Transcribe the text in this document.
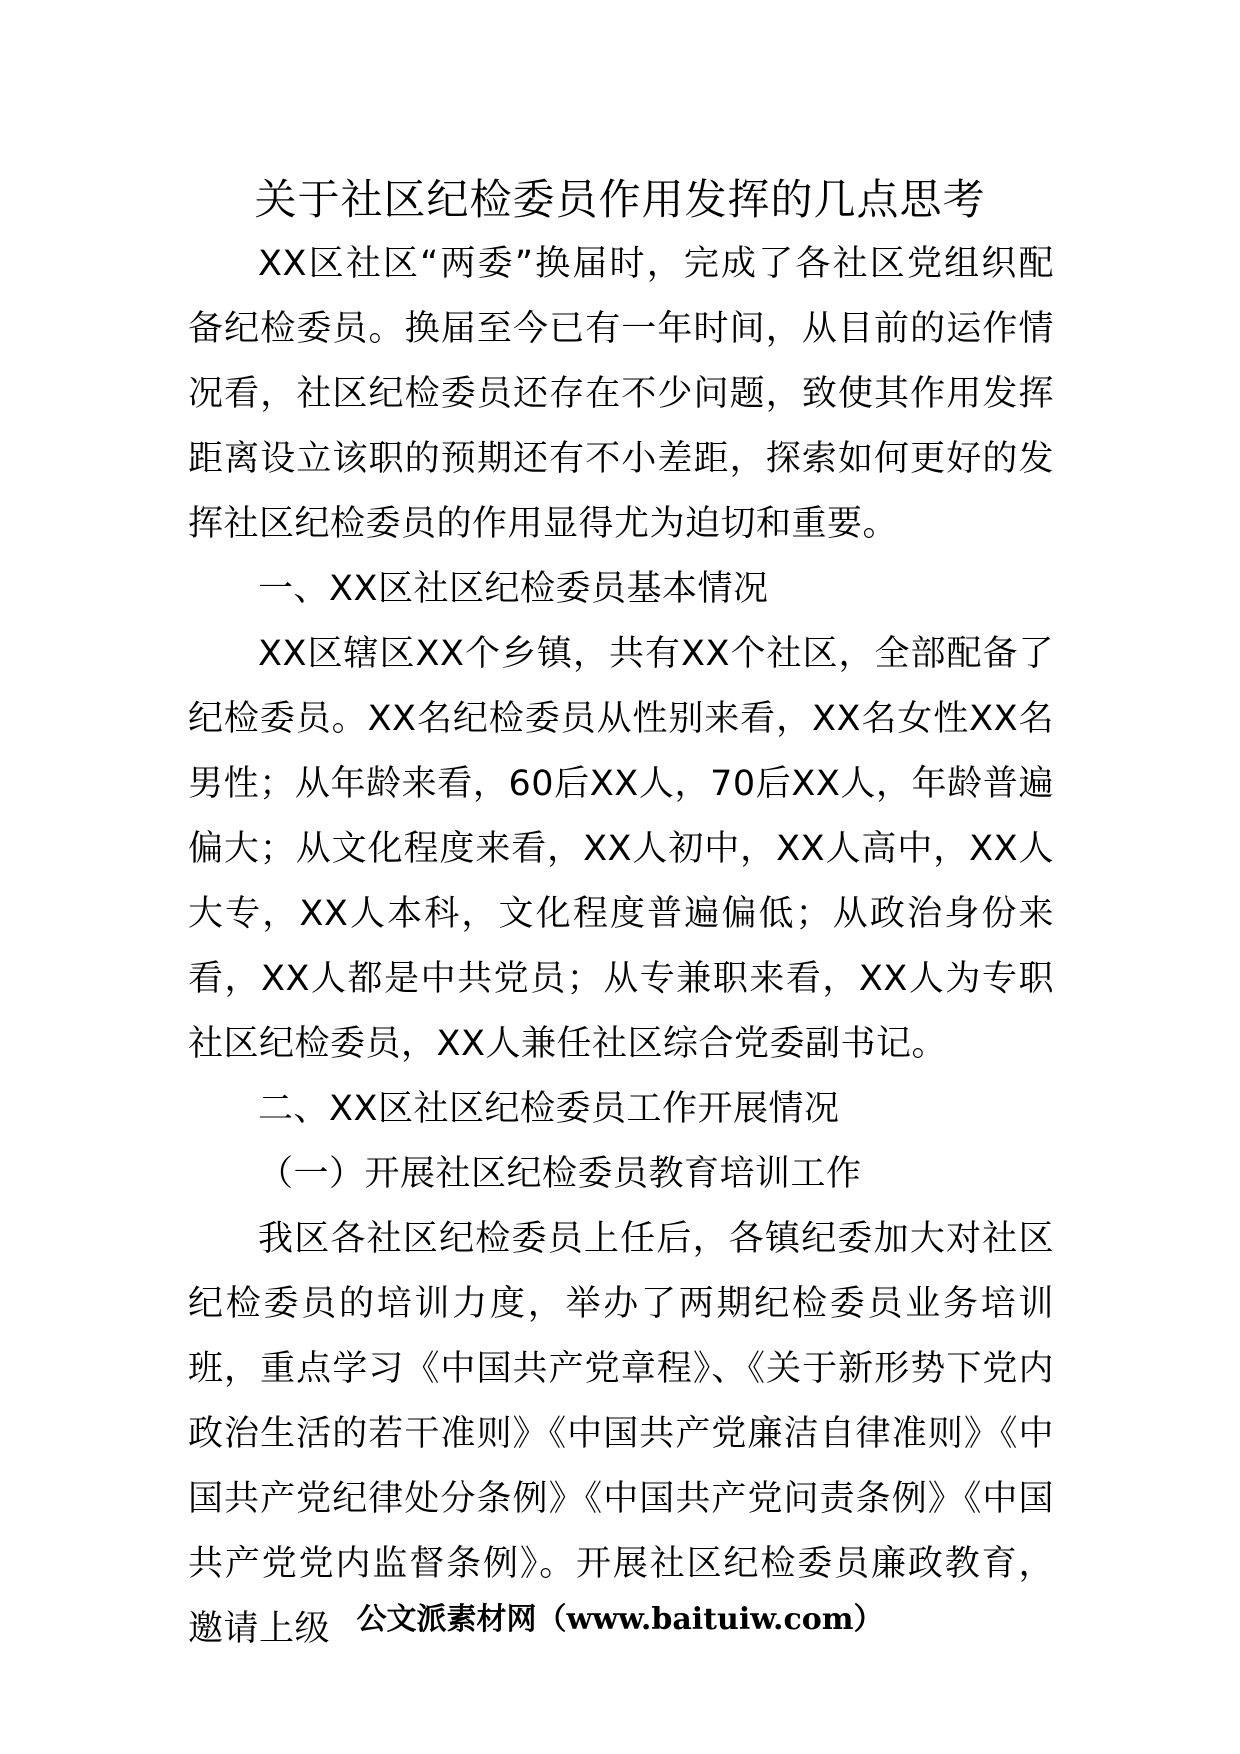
关于社区纪检委员作用发挥的几点思考

XX区社区“两委”换届时，完成了各社区党组织配备纪检委员。换届至今已有一年时间，从目前的运作情况看，社区纪检委员还存在不少问题，致使其作用发挥距离设立该职的预期还有不小差距，探索如何更好的发挥社区纪检委员的作用显得尤为迫切和重要。

一、XX区社区纪检委员基本情况

XX区辖区XX个乡镇，共有XX个社区，全部配备了纪检委员。XX名纪检委员从性别来看，XX名女性XX名男性；从年龄来看，60后XX人，70后XX人，年龄普遍偏大；从文化程度来看，XX人初中，XX人高中，XX人大专，XX人本科，文化程度普遍偏低；从政治身份来看，XX人都是中共党员；从专兼职来看，XX人为专职社区纪检委员，XX人兼任社区综合党委副书记。

二、XX区社区纪检委员工作开展情况

（一）开展社区纪检委员教育培训工作

我区各社区纪检委员上任后，各镇纪委加大对社区纪检委员的培训力度，举办了两期纪检委员业务培训班，重点学习《中国共产党章程》、《关于新形势下党内政治生活的若干准则》《中国共产党廉洁自律准则》《中国共产党纪律处分条例》《中国共产党问责条例》《中国共产党党内监督条例》。开展社区纪检委员廉政教育，邀请上级 公文派素材网（www.baituiw.com）
